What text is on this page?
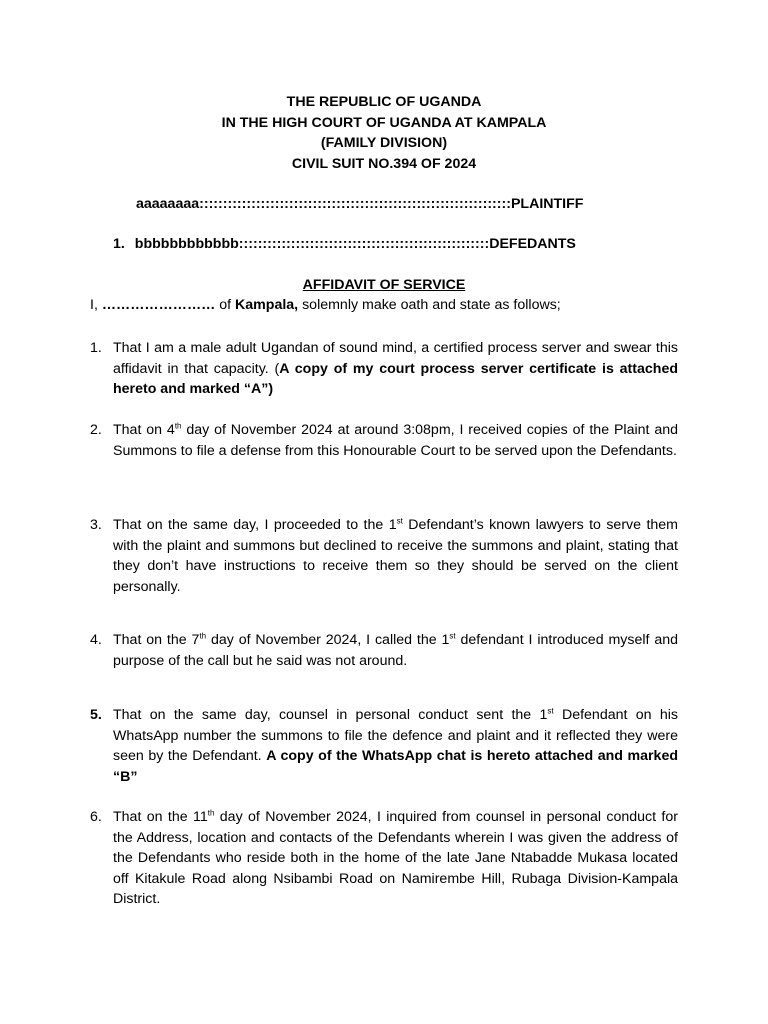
THE REPUBLIC OF UGANDA
IN THE HIGH COURT OF UGANDA AT KAMPALA
(FAMILY DIVISION)
CIVIL SUIT NO.394 OF 2024
aaaaaaaa::::::::::::::::::::::::::::::::::::::::::::::::::::::::::::::::::PLAINTIFF
1. bbbbbbbbbbbb:::::::::::::::::::::::::::::::::::::::::::::::::::::DEFEDANTS
AFFIDAVIT OF SERVICE
I, …………………… of Kampala, solemnly make oath and state as follows;
1. That I am a male adult Ugandan of sound mind, a certified process server and swear this affidavit in that capacity. (A copy of my court process server certificate is attached hereto and marked “A”)
2. That on 4th day of November 2024 at around 3:08pm, I received copies of the Plaint and Summons to file a defense from this Honourable Court to be served upon the Defendants.
3. That on the same day, I proceeded to the 1st Defendant’s known lawyers to serve them with the plaint and summons but declined to receive the summons and plaint, stating that they don’t have instructions to receive them so they should be served on the client personally.
4. That on the 7th day of November 2024, I called the 1st defendant I introduced myself and purpose of the call but he said was not around.
5. That on the same day, counsel in personal conduct sent the 1st Defendant on his WhatsApp number the summons to file the defence and plaint and it reflected they were seen by the Defendant. A copy of the WhatsApp chat is hereto attached and marked “B”
6. That on the 11th day of November 2024, I inquired from counsel in personal conduct for the Address, location and contacts of the Defendants wherein I was given the address of the Defendants who reside both in the home of the late Jane Ntabadde Mukasa located off Kitakule Road along Nsibambi Road on Namirembe Hill, Rubaga Division-Kampala District.
